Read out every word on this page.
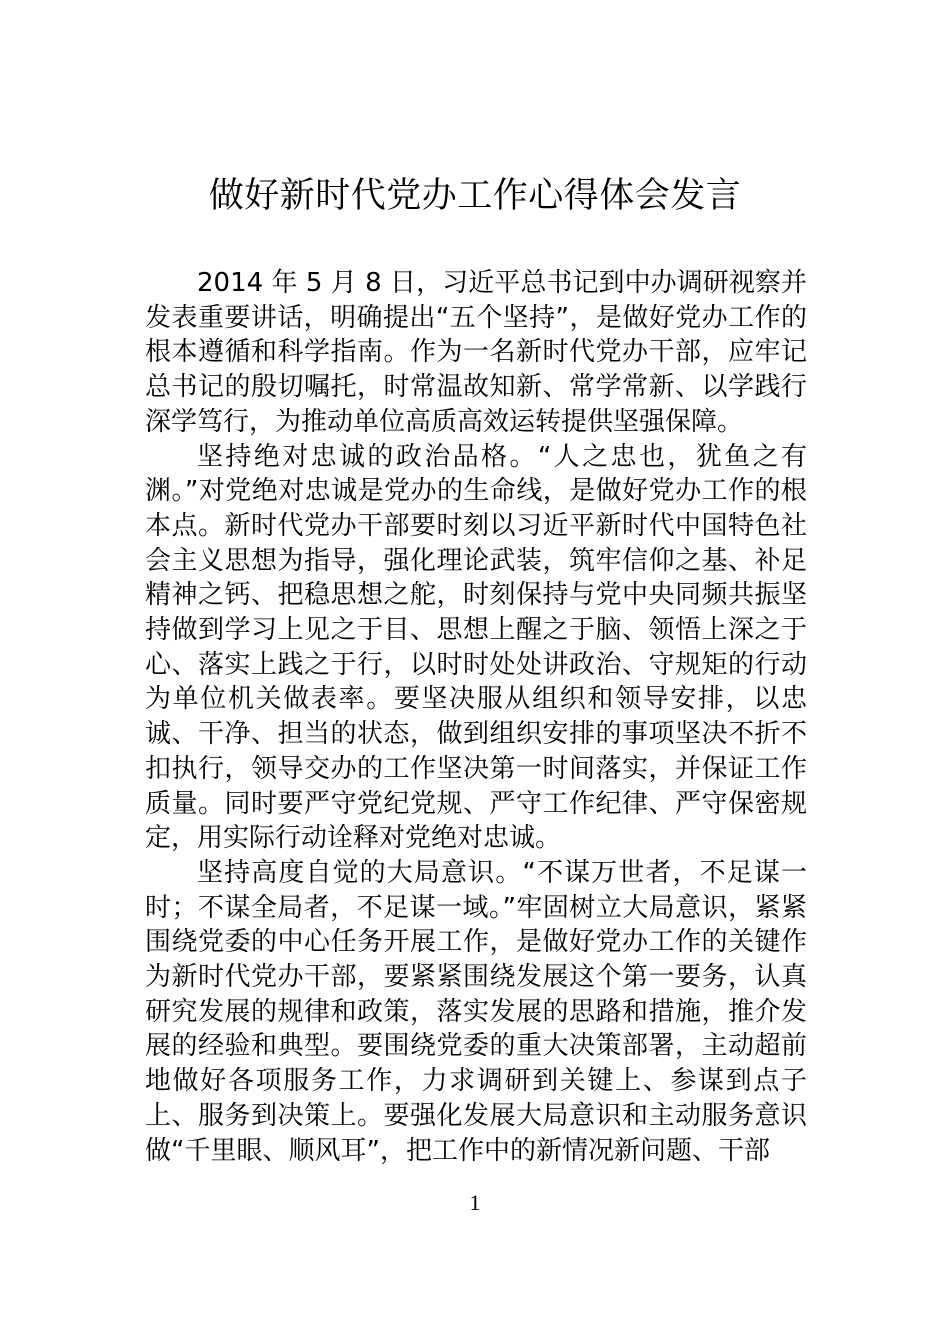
做好新时代党办工作心得体会发言

2014 年 5 月 8 日，习近平总书记到中办调研视察并发表重要讲话，明确提出“五个坚持”，是做好党办工作的根本遵循和科学指南。作为一名新时代党办干部，应牢记总书记的殷切嘱托，时常温故知新、常学常新、以学践行深学笃行，为推动单位高质高效运转提供坚强保障。

坚持绝对忠诚的政治品格。“人之忠也，犹鱼之有渊。”对党绝对忠诚是党办的生命线，是做好党办工作的根本点。新时代党办干部要时刻以习近平新时代中国特色社会主义思想为指导，强化理论武装，筑牢信仰之基、补足精神之钙、把稳思想之舵，时刻保持与党中央同频共振坚持做到学习上见之于目、思想上醒之于脑、领悟上深之于心、落实上践之于行，以时时处处讲政治、守规矩的行动为单位机关做表率。要坚决服从组织和领导安排，以忠诚、干净、担当的状态，做到组织安排的事项坚决不折不扣执行，领导交办的工作坚决第一时间落实，并保证工作质量。同时要严守党纪党规、严守工作纪律、严守保密规定，用实际行动诠释对党绝对忠诚。

坚持高度自觉的大局意识。“不谋万世者，不足谋一时；不谋全局者，不足谋一域。”牢固树立大局意识，紧紧围绕党委的中心任务开展工作，是做好党办工作的关键作为新时代党办干部，要紧紧围绕发展这个第一要务，认真研究发展的规律和政策，落实发展的思路和措施，推介发展的经验和典型。要围绕党委的重大决策部署，主动超前地做好各项服务工作，力求调研到关键上、参谋到点子上、服务到决策上。要强化发展大局意识和主动服务意识做“千里眼、顺风耳”，把工作中的新情况新问题、干部

1
